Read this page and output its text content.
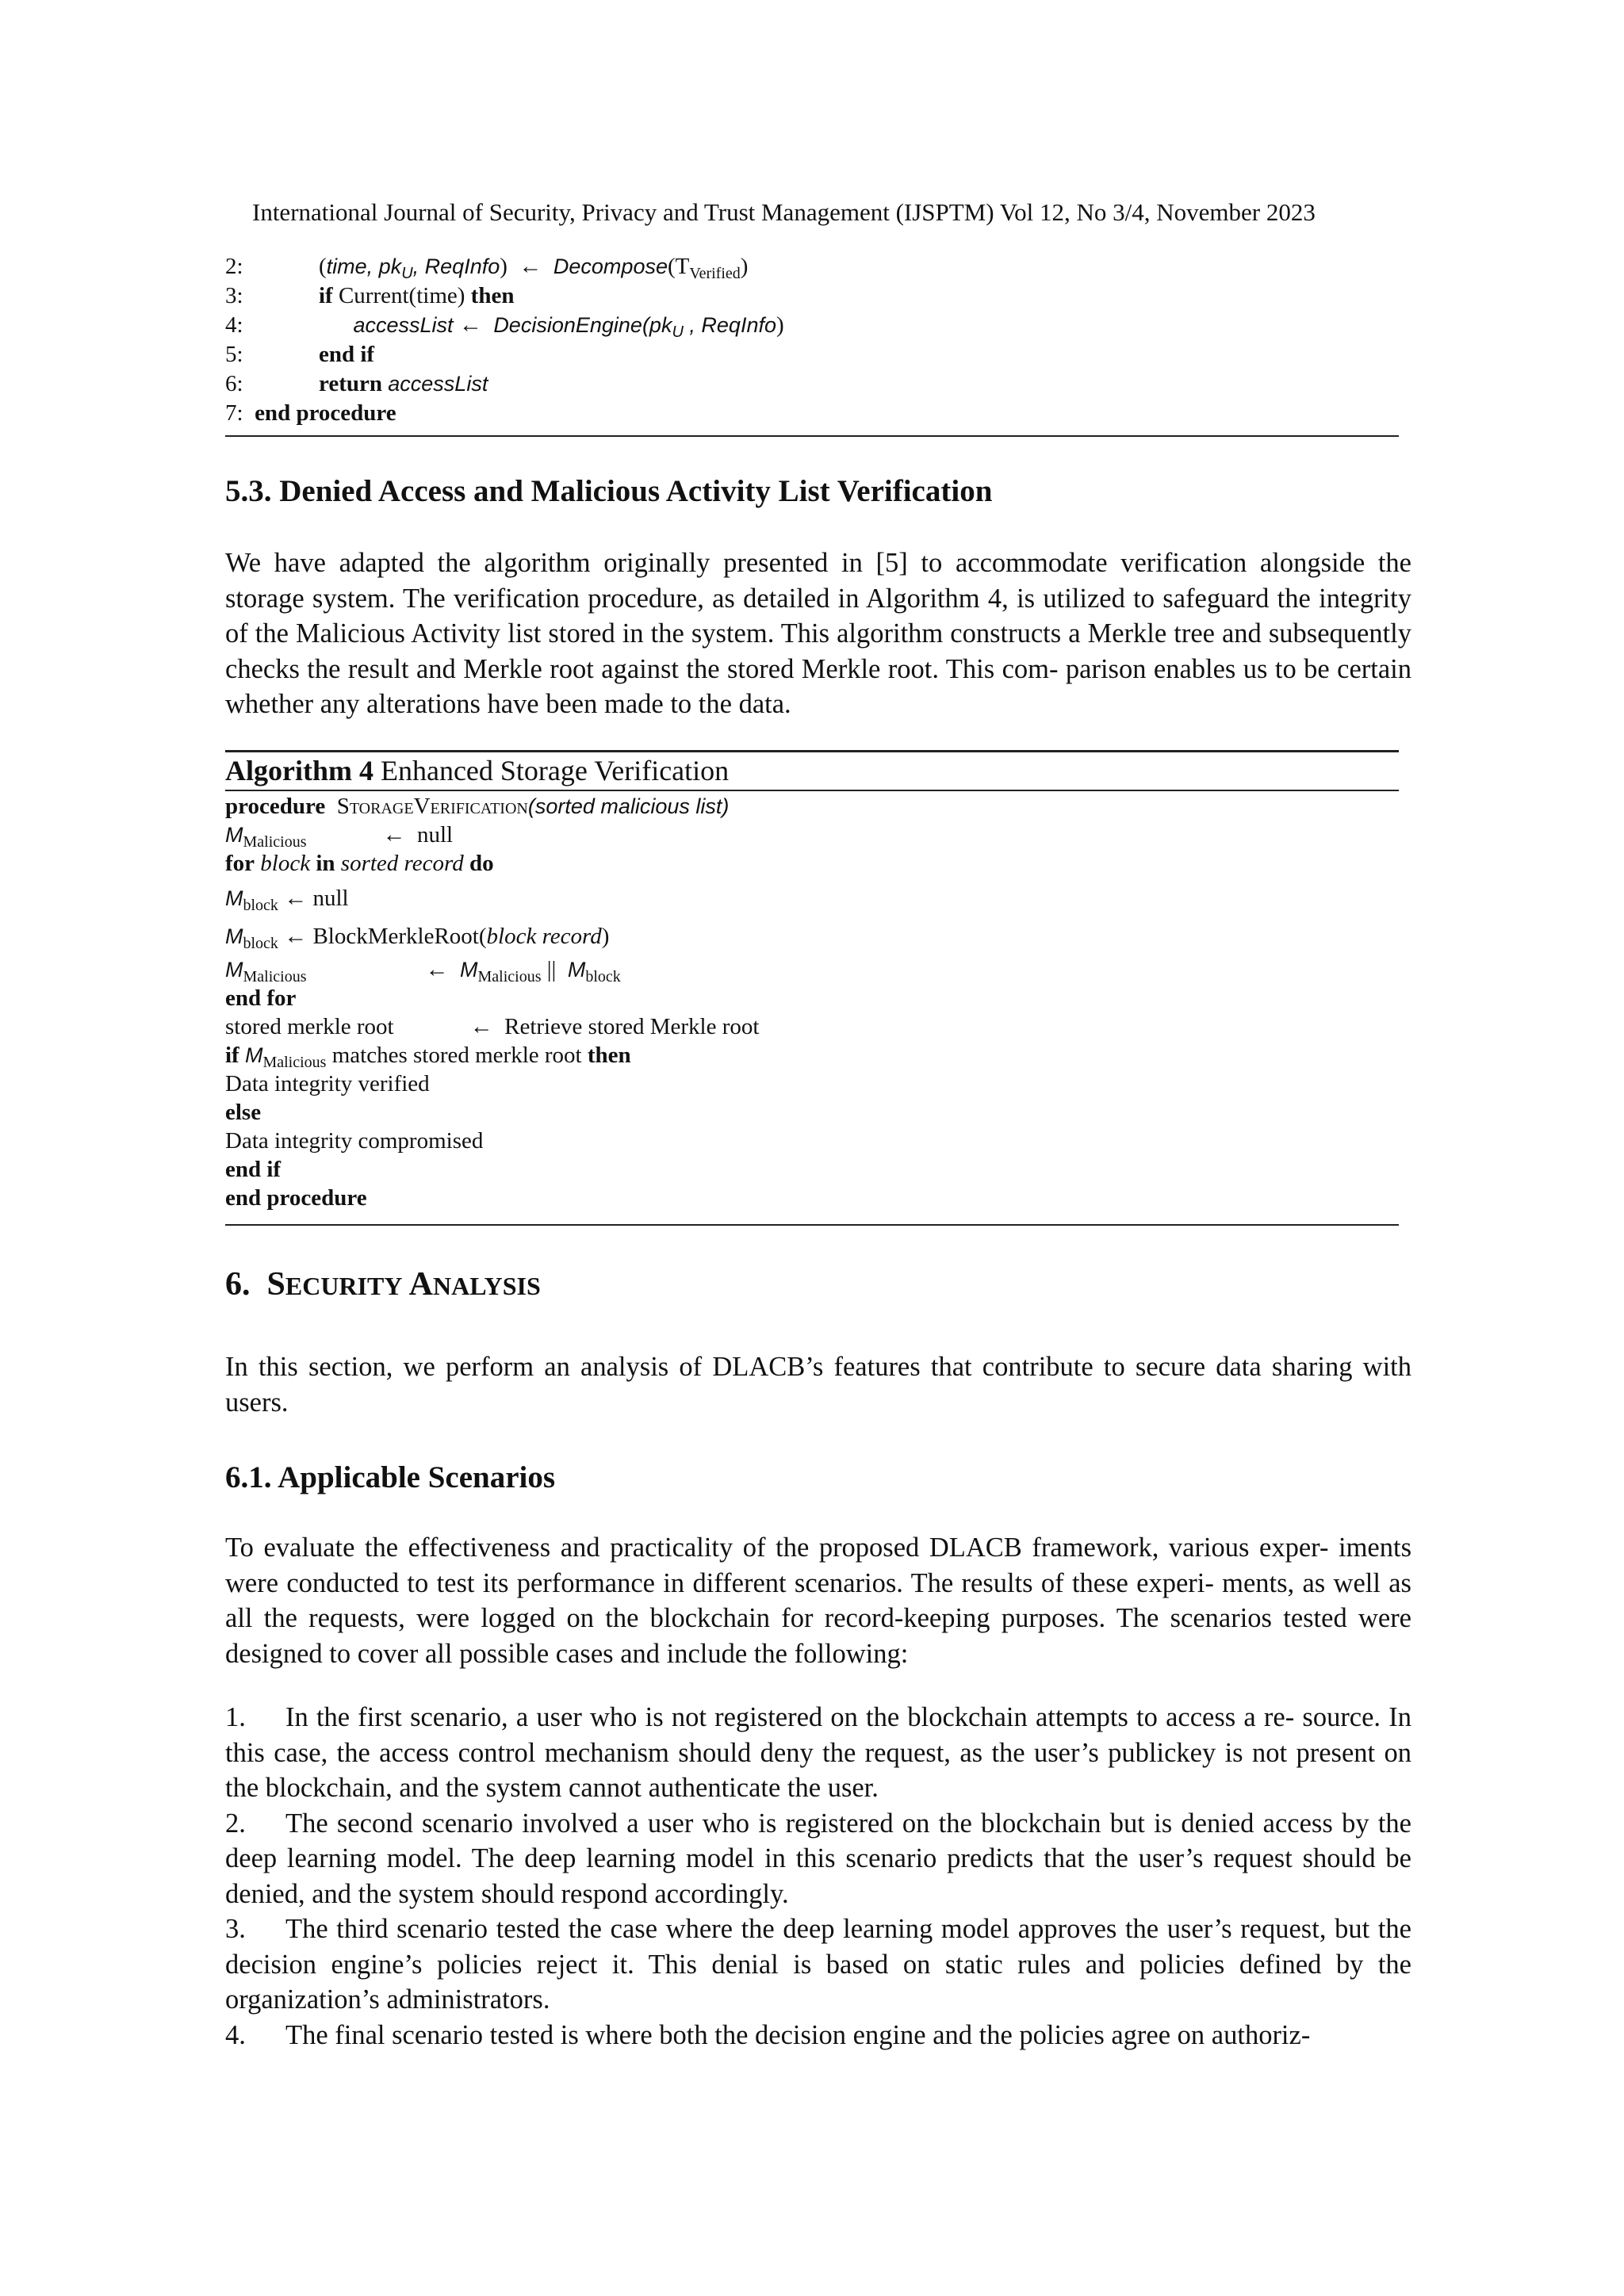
International Journal of Security, Privacy and Trust Management (IJSPTM) Vol 12, No 3/4, November 2023
2:	(time, $pk_U$, ReqInfo) ← $Decompose(T_{Verified})$
3:	if Current(time) then
4:	accessList ← $DecisionEngine(pk_U$ , ReqInfo)
5:	end if
6:	return accessList
7: end procedure
5.3. Denied Access and Malicious Activity List Verification

We have adapted the algorithm originally presented in [5] to accommodate verification alongside the storage system. The verification procedure, as detailed in Algorithm 4, is utilized to safeguard the integrity of the Malicious Activity list stored in the system. This algorithm constructs a Merkle tree and subsequently checks the result and Merkle root against the stored Merkle root. This com- parison enables us to be certain whether any alterations have been made to the data.

Algorithm 4 Enhanced Storage Verification
procedure StorageVerification(sorted malicious list)
$M_{Malicious}$	← null
for block in sorted record do
$M_{block}$ ← null
$M_{block}$ ← BlockMerkleRoot(block record)
$M_{Malicious}$	← $M_{Malicious}$ || $M_{block}$
end for
stored merkle root	← Retrieve stored Merkle root
if $M_{Malicious}$ matches stored merkle root then
Data integrity verified
else
Data integrity compromised
end if
end procedure
6. SECURITY ANALYSIS

In this section, we perform an analysis of DLACB’s features that contribute to secure data sharing with users.

6.1. Applicable Scenarios

To evaluate the effectiveness and practicality of the proposed DLACB framework, various exper- iments were conducted to test its performance in different scenarios. The results of these experi- ments, as well as all the requests, were logged on the blockchain for record-keeping purposes. The scenarios tested were designed to cover all possible cases and include the following:

1. In the first scenario, a user who is not registered on the blockchain attempts to access a re- source. In this case, the access control mechanism should deny the request, as the user’s publickey is not present on the blockchain, and the system cannot authenticate the user.

2. The second scenario involved a user who is registered on the blockchain but is denied access by the deep learning model. The deep learning model in this scenario predicts that the user’s request should be denied, and the system should respond accordingly.

3. The third scenario tested the case where the deep learning model approves the user’s request, but the decision engine’s policies reject it. This denial is based on static rules and policies defined by the organization’s administrators.

4. The final scenario tested is where both the decision engine and the policies agree on authoriz-
